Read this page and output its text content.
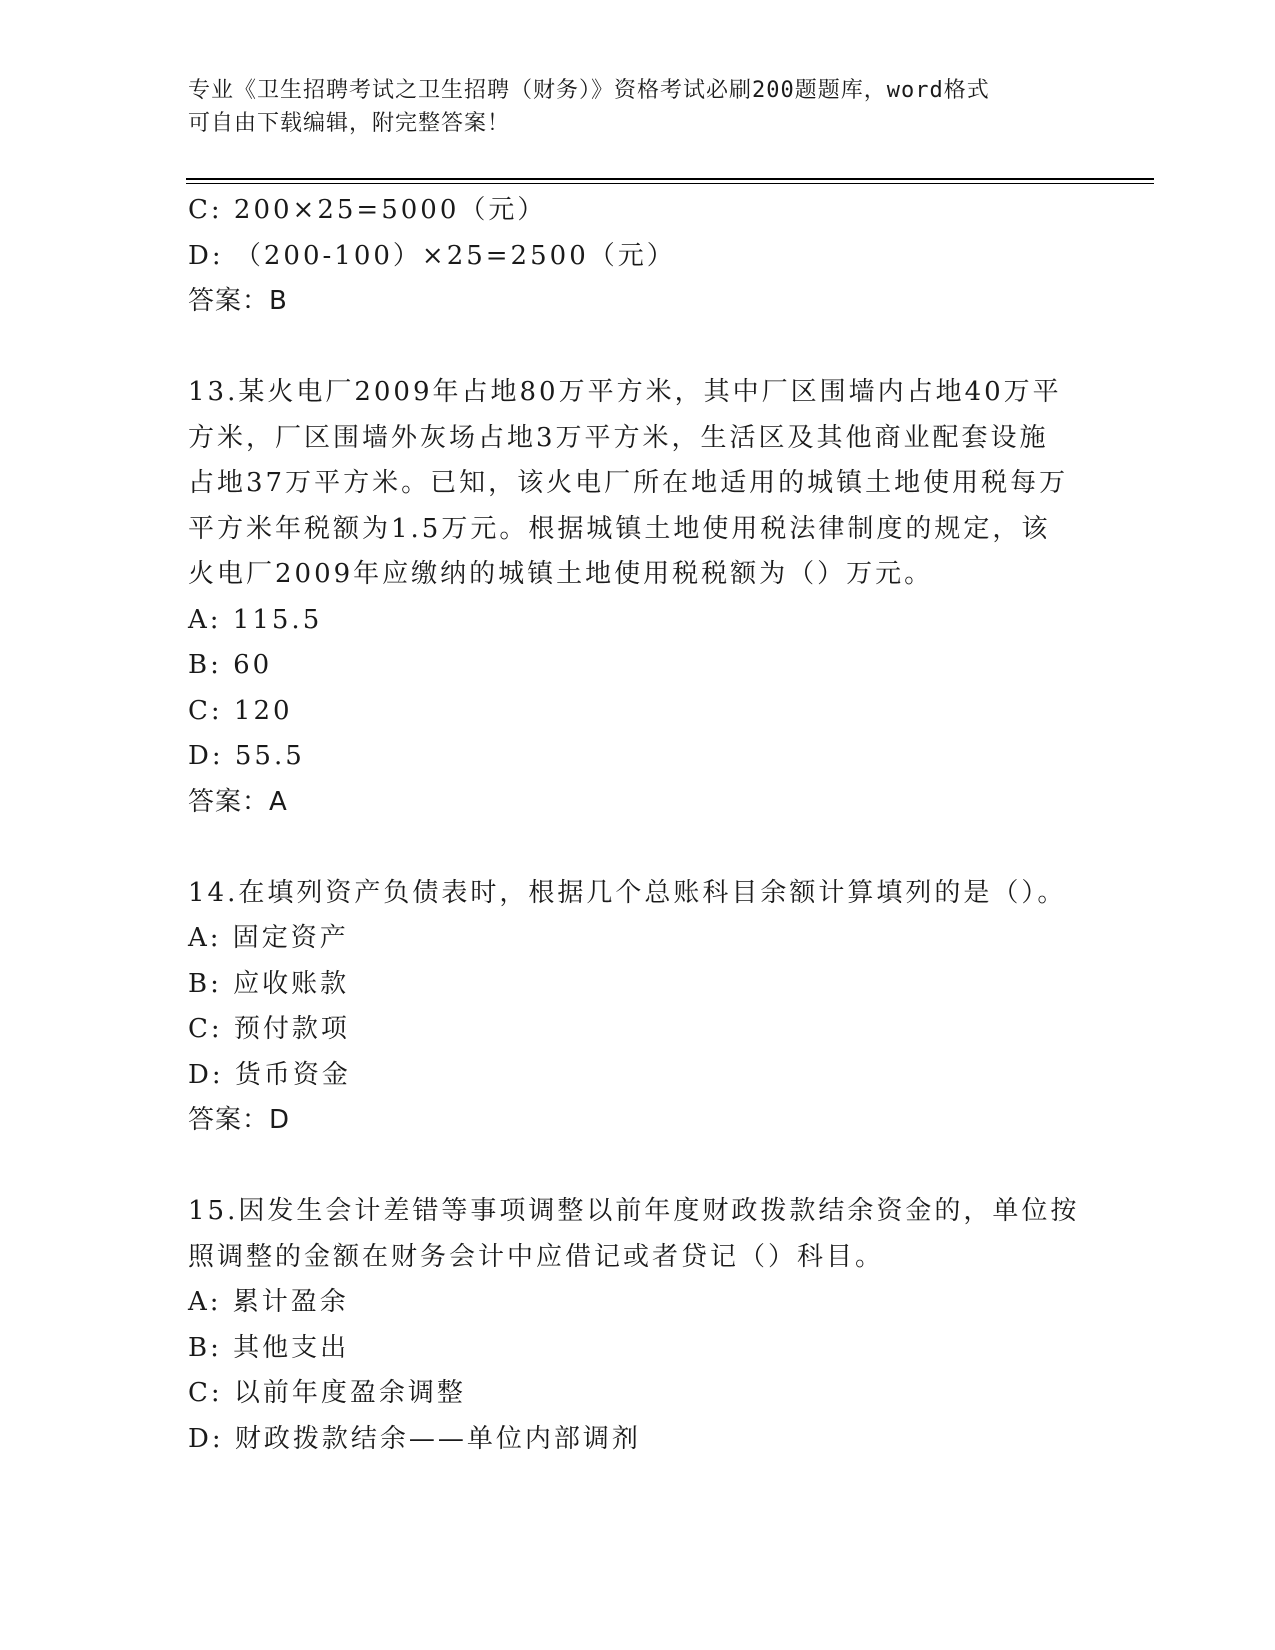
专业《卫生招聘考试之卫生招聘（财务）》资格考试必刷200题题库，word格式
可自由下载编辑，附完整答案！
C: 200×25=5000（元）
D: （200-100）×25=2500（元）
答案：B
13.某火电厂2009年占地80万平方米，其中厂区围墙内占地40万平
方米，厂区围墙外灰场占地3万平方米，生活区及其他商业配套设施
占地37万平方米。已知，该火电厂所在地适用的城镇土地使用税每万
平方米年税额为1.5万元。根据城镇土地使用税法律制度的规定，该
火电厂2009年应缴纳的城镇土地使用税税额为（）万元。
A: 115.5
B: 60
C: 120
D: 55.5
答案：A
14.在填列资产负债表时，根据几个总账科目余额计算填列的是（）。
A: 固定资产
B: 应收账款
C: 预付款项
D: 货币资金
答案：D
15.因发生会计差错等事项调整以前年度财政拨款结余资金的，单位按
照调整的金额在财务会计中应借记或者贷记（）科目。
A: 累计盈余
B: 其他支出
C: 以前年度盈余调整
D: 财政拨款结余——单位内部调剂
